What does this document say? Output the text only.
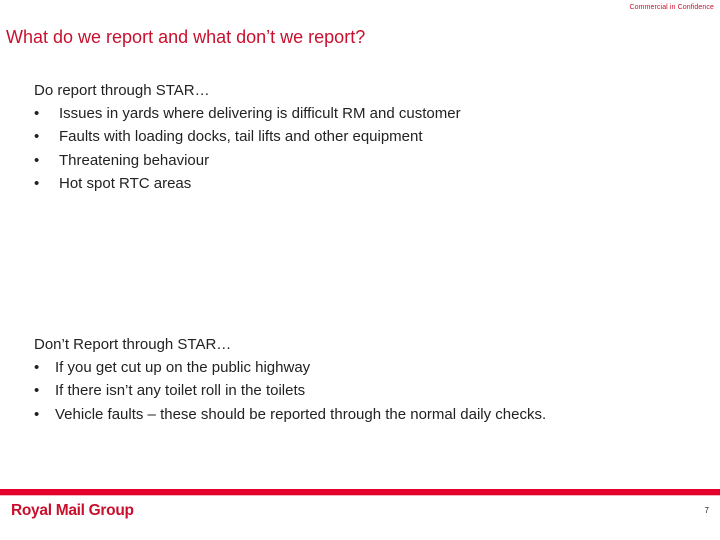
Commercial in Confidence
What do we report and what don’t we report?
Do report through STAR…
• Issues in yards where delivering is difficult RM and customer
• Faults with loading docks, tail lifts and other equipment
• Threatening behaviour
• Hot spot RTC areas
Don’t Report through STAR…
• If you get cut up on the public highway
• If there isn’t any toilet roll in the toilets
• Vehicle faults – these should be reported through the normal daily checks.
Royal Mail Group	7
